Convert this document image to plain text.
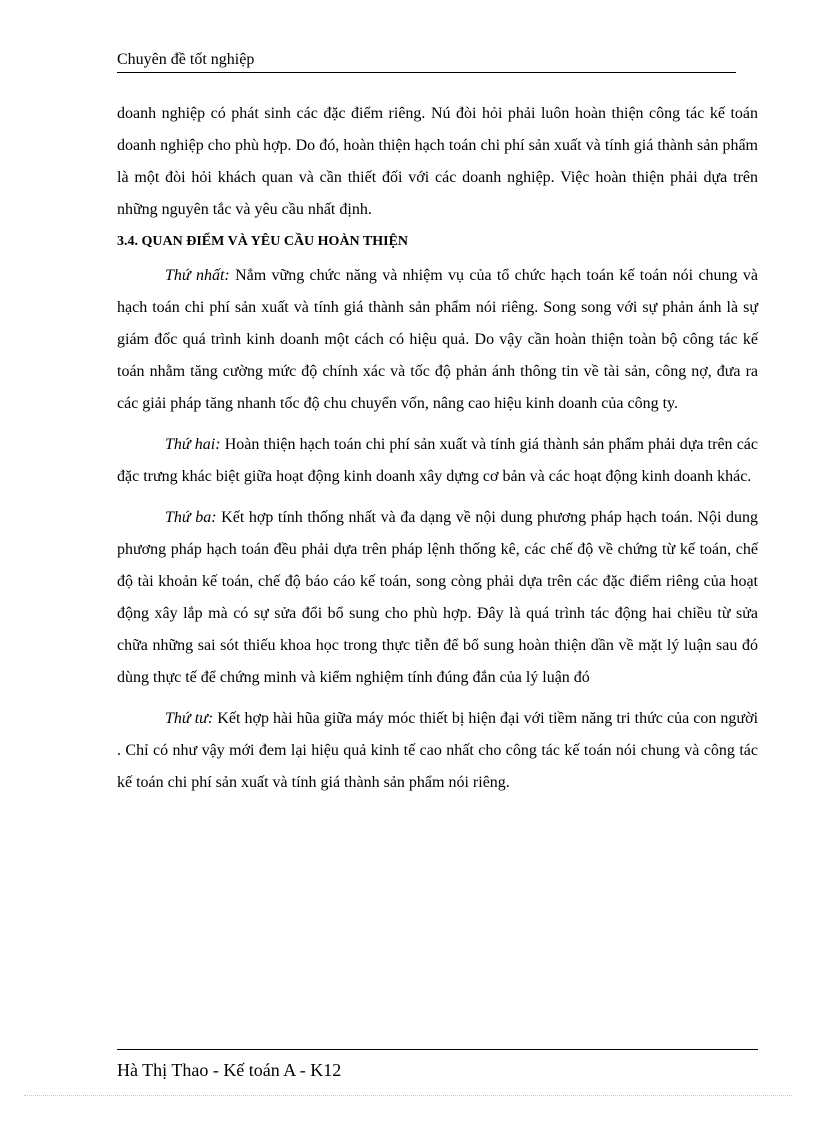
Chuyên đề tốt nghiệp

doanh nghiệp có phát sinh các đặc điểm riêng. Nú đòi hỏi phải luôn hoàn thiện công tác kế toán doanh nghiệp cho phù hợp. Do đó, hoàn thiện hạch toán chi phí sản xuất và tính giá thành sản phẩm là một đòi hỏi khách quan và cần thiết đối với các doanh nghiệp. Việc hoàn thiện phải dựa trên những nguyên tắc và yêu cầu nhất định.

3.4. QUAN ĐIỂM VÀ YÊU CẦU HOÀN THIỆN

Thứ nhất: Nắm vững chức năng và nhiệm vụ của tổ chức hạch toán kế toán nói chung và hạch toán chi phí sản xuất và tính giá thành sản phẩm nói riêng. Song song với sự phản ánh là sự giám đốc quá trình kinh doanh một cách có hiệu quả. Do vậy cần hoàn thiện toàn bộ công tác kế toán nhằm tăng cường mức độ chính xác và tốc độ phản ánh thông tin về tài sản, công nợ, đưa ra các giải pháp tăng nhanh tốc độ chu chuyển vốn, nâng cao hiệu kinh doanh của công ty.

Thứ hai: Hoàn thiện hạch toán chi phí sản xuất và tính giá thành sản phẩm phải dựa trên các đặc trưng khác biệt giữa hoạt động kinh doanh xây dựng cơ bản và các hoạt động kinh doanh khác.

Thứ ba: Kết hợp tính thống nhất và đa dạng về nội dung phương pháp hạch toán. Nội dung phương pháp hạch toán đều phải dựa trên pháp lệnh thống kê, các chế độ về chứng từ kế toán, chế độ tài khoản kế toán, chế độ báo cáo kế toán, song còng phải dựa trên các đặc điểm riêng của hoạt động xây lắp mà có sự sửa đổi bổ sung cho phù hợp. Đây là quá trình tác động hai chiều từ sửa chữa những sai sót thiếu khoa học trong thực tiễn để bổ sung hoàn thiện dần về mặt lý luận sau đó dùng thực tế để chứng minh và kiểm nghiệm tính đúng đắn của lý luận đó

Thứ tư: Kết hợp hài hũa giữa máy móc thiết bị hiện đại với tiềm năng tri thức của con người . Chỉ có như vậy mới đem lại hiệu quả kinh tế cao nhất cho công tác kế toán nói chung và công tác kế toán chi phí sản xuất và tính giá thành sản phẩm nói riêng.

Hà Thị Thao - Kế toán A - K12
